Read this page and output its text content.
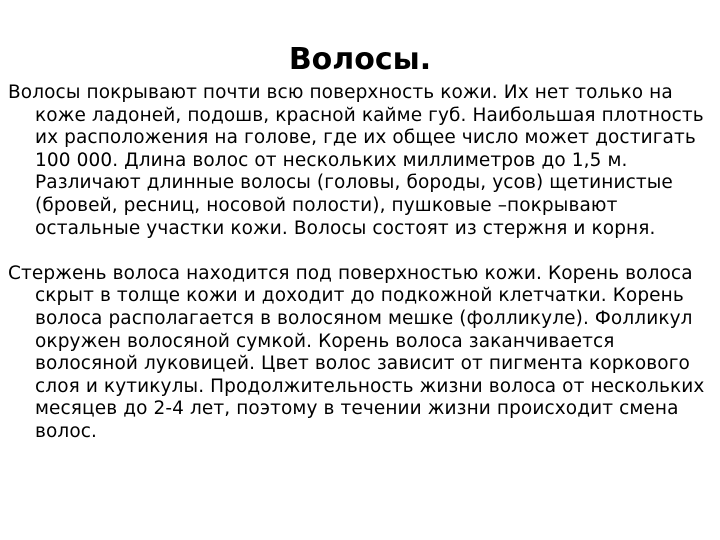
Волосы.

Волосы покрывают почти всю поверхность кожи. Их нет только на коже ладоней, подошв, красной кайме губ. Наибольшая плотность их расположения на голове, где их общее число может достигать 100 000. Длина волос от нескольких миллиметров до 1,5 м. Различают длинные волосы (головы, бороды, усов) щетинистые (бровей, ресниц, носовой полости), пушковые –покрывают остальные участки кожи. Волосы состоят из стержня и корня.

Стержень волоса находится под поверхностью кожи. Корень волоса скрыт в толще кожи и доходит до подкожной клетчатки. Корень волоса располагается в волосяном мешке (фолликуле). Фолликул окружен волосяной сумкой. Корень волоса заканчивается волосяной луковицей. Цвет волос зависит от пигмента коркового слоя и кутикулы. Продолжительность жизни волоса от нескольких месяцев до 2-4 лет, поэтому в течении жизни происходит смена волос.
